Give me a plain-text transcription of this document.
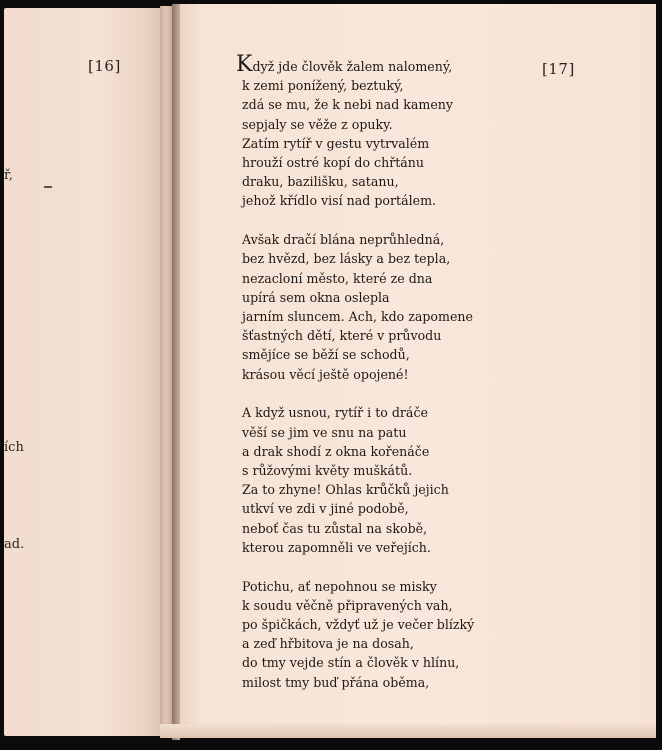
[16]	[17]
ř,
ích
ad.

Když jde člověk žalem nalomený,
k zemi ponížený, beztuký,
zdá se mu, že k nebi nad kameny
sepjaly se věže z opuky.
Zatím rytíř v gestu vytrvalém
hrouží ostré kopí do chřtánu
draku, bazilišku, satanu,
jehož křídlo visí nad portálem.

Avšak dračí blána neprůhledná,
bez hvězd, bez lásky a bez tepla,
nezacloní město, které ze dna
upírá sem okna oslepla
jarním sluncem. Ach, kdo zapomene
šťastných dětí, které v průvodu
smějíce se běží se schodů,
krásou věcí ještě opojené!

A když usnou, rytíř i to dráče
věší se jim ve snu na patu
a drak shodí z okna kořenáče
s růžovými květy muškátů.
Za to zhyne! Ohlas krůčků jejich
utkví ve zdi v jiné podobě,
neboť čas tu zůstal na skobě,
kterou zapomněli ve veřejích.

Potichu, ať nepohnou se misky
k soudu věčně připravených vah,
po špičkách, vždyť už je večer blízký
a zeď hřbitova je na dosah,
do tmy vejde stín a člověk v hlínu,
milost tmy buď přána oběma,
